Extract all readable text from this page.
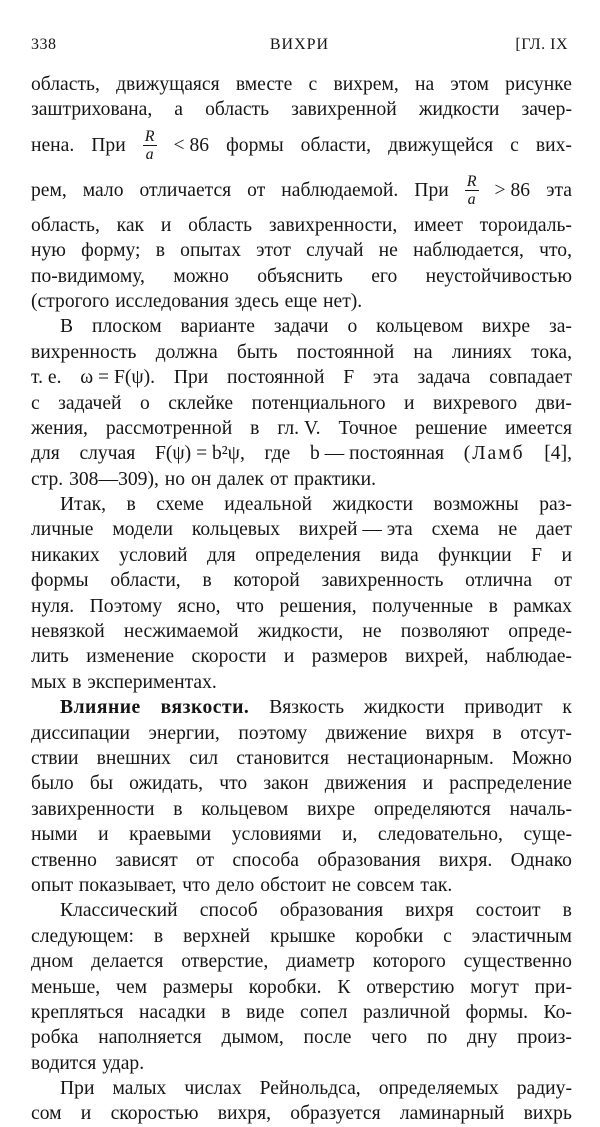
338	ВИХРИ	[ГЛ. IX
область, движущаяся вместе с вихрем, на этом рисунке
заштрихована, а область завихренной жидкости зачер-
нена. При $\frac{R}{a} < 86$ формы области, движущейся с вих-
рем, мало отличается от наблюдаемой. При $\frac{R}{a} > 86$ эта
область, как и область завихренности, имеет тороидаль-
ную форму; в опытах этот случай не наблюдается, что,
по-видимому, можно объяснить его неустойчивостью
(строгого исследования здесь еще нет).
В плоском варианте задачи о кольцевом вихре за-
вихренность должна быть постоянной на линиях тока,
т. е. ω = F(ψ). При постоянной F эта задача совпадает
с задачей о склейке потенциального и вихревого дви-
жения, рассмотренной в гл. V. Точное решение имеется
для случая F(ψ) = b²ψ, где b — постоянная (Ламб [4],
стр. 308—309), но он далек от практики.
Итак, в схеме идеальной жидкости возможны раз-
личные модели кольцевых вихрей — эта схема не дает
никаких условий для определения вида функции F и
формы области, в которой завихренность отлична от
нуля. Поэтому ясно, что решения, полученные в рамках
невязкой несжимаемой жидкости, не позволяют опреде-
лить изменение скорости и размеров вихрей, наблюдае-
мых в экспериментах.
Влияние вязкости. Вязкость жидкости приводит к
диссипации энергии, поэтому движение вихря в отсут-
ствии внешних сил становится нестационарным. Можно
было бы ожидать, что закон движения и распределение
завихренности в кольцевом вихре определяются началь-
ными и краевыми условиями и, следовательно, суще-
ственно зависят от способа образования вихря. Однако
опыт показывает, что дело обстоит не совсем так.
Классический способ образования вихря состоит в
следующем: в верхней крышке коробки с эластичным
дном делается отверстие, диаметр которого существенно
меньше, чем размеры коробки. К отверстию могут при-
крепляться насадки в виде сопел различной формы. Ко-
робка наполняется дымом, после чего по дну произ-
водится удар.
При малых числах Рейнольдса, определяемых радиу-
сом и скоростью вихря, образуется ламинарный вихрь
